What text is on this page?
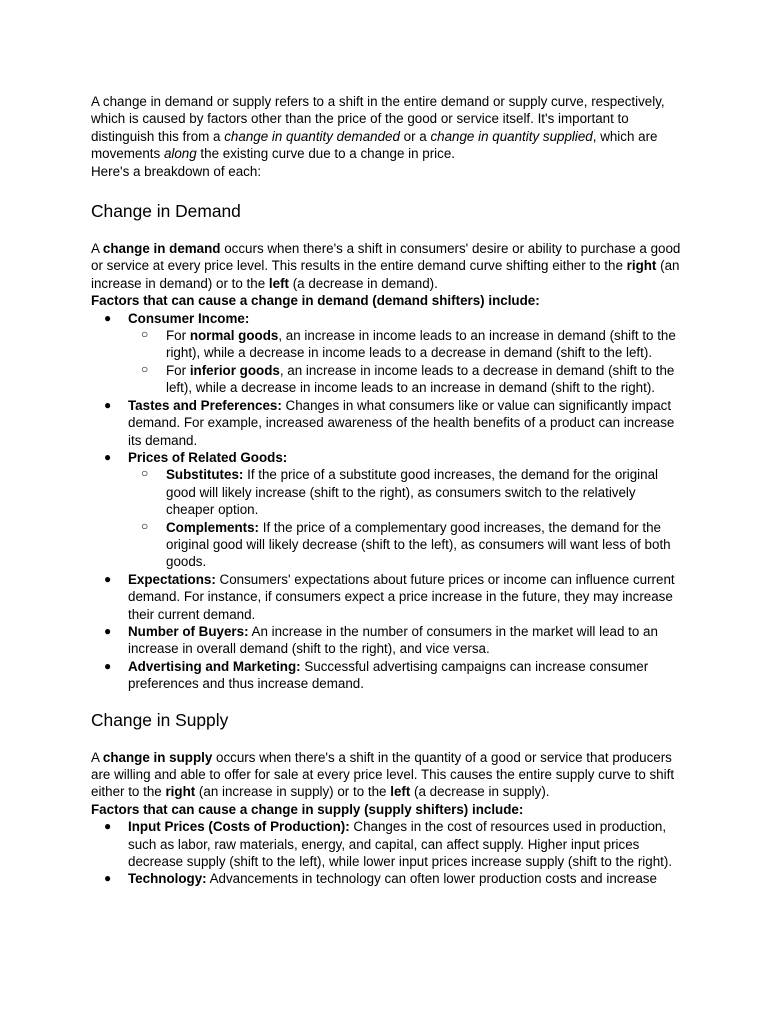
A change in demand or supply refers to a shift in the entire demand or supply curve, respectively, which is caused by factors other than the price of the good or service itself. It's important to distinguish this from a change in quantity demanded or a change in quantity supplied, which are movements along the existing curve due to a change in price.

Here's a breakdown of each:

Change in Demand

A change in demand occurs when there's a shift in consumers' desire or ability to purchase a good or service at every price level. This results in the entire demand curve shifting either to the right (an increase in demand) or to the left (a decrease in demand).

Factors that can cause a change in demand (demand shifters) include:

● Consumer Income:
○ For normal goods, an increase in income leads to an increase in demand (shift to the right), while a decrease in income leads to a decrease in demand (shift to the left).
○ For inferior goods, an increase in income leads to a decrease in demand (shift to the left), while a decrease in income leads to an increase in demand (shift to the right).
● Tastes and Preferences: Changes in what consumers like or value can significantly impact demand. For example, increased awareness of the health benefits of a product can increase its demand.
● Prices of Related Goods:
○ Substitutes: If the price of a substitute good increases, the demand for the original good will likely increase (shift to the right), as consumers switch to the relatively cheaper option.
○ Complements: If the price of a complementary good increases, the demand for the original good will likely decrease (shift to the left), as consumers will want less of both goods.
● Expectations: Consumers' expectations about future prices or income can influence current demand. For instance, if consumers expect a price increase in the future, they may increase their current demand.
● Number of Buyers: An increase in the number of consumers in the market will lead to an increase in overall demand (shift to the right), and vice versa.
● Advertising and Marketing: Successful advertising campaigns can increase consumer preferences and thus increase demand.
Change in Supply

A change in supply occurs when there's a shift in the quantity of a good or service that producers are willing and able to offer for sale at every price level. This causes the entire supply curve to shift either to the right (an increase in supply) or to the left (a decrease in supply).

Factors that can cause a change in supply (supply shifters) include:

● Input Prices (Costs of Production): Changes in the cost of resources used in production, such as labor, raw materials, energy, and capital, can affect supply. Higher input prices decrease supply (shift to the left), while lower input prices increase supply (shift to the right).
● Technology: Advancements in technology can often lower production costs and increase
